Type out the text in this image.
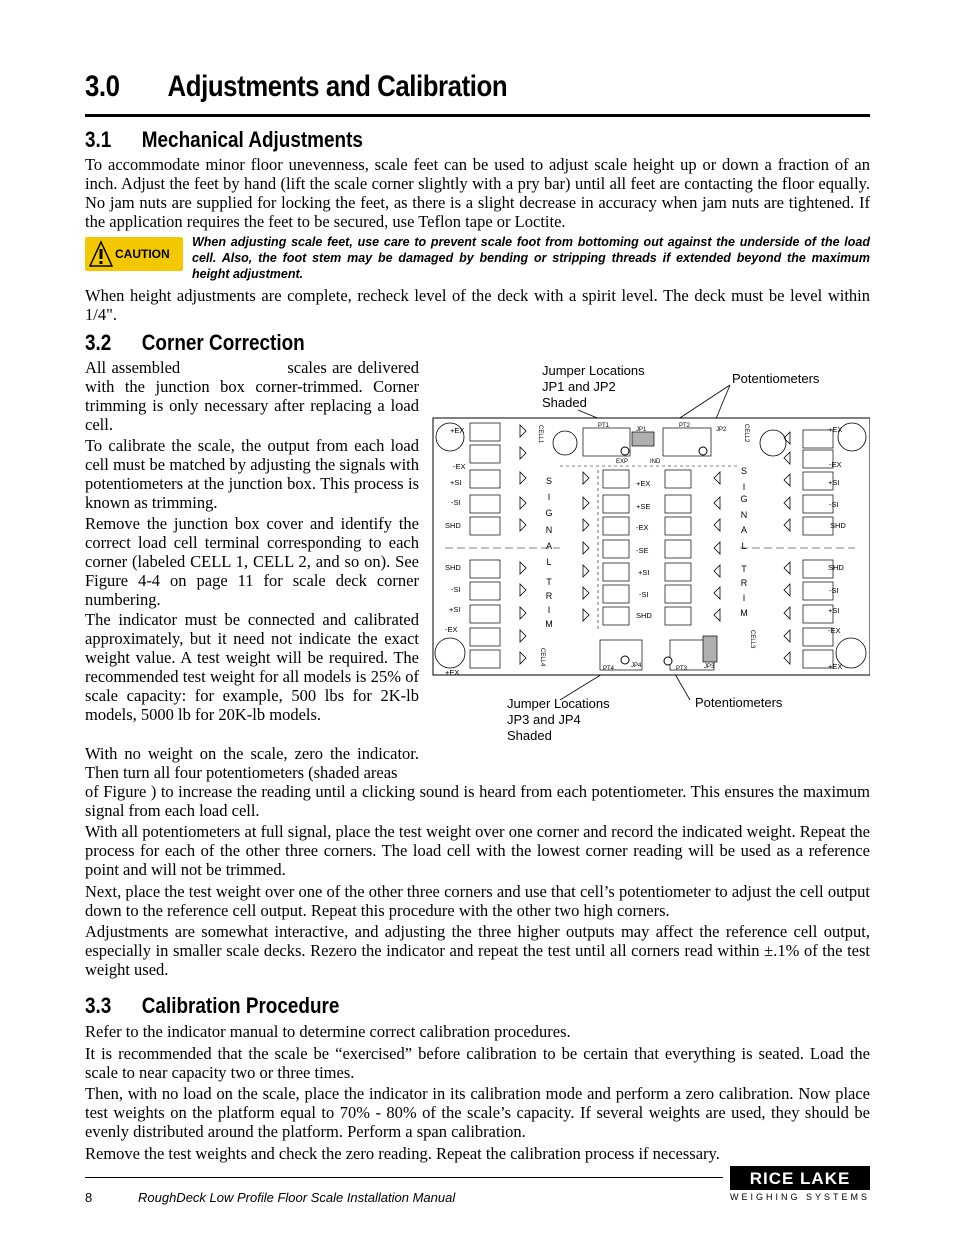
3.0 Adjustments and Calibration
3.1 Mechanical Adjustments
To accommodate minor floor unevenness, scale feet can be used to adjust scale height up or down a fraction of an inch. Adjust the feet by hand (lift the scale corner slightly with a pry bar) until all feet are contacting the floor equally. No jam nuts are supplied for locking the feet, as there is a slight decrease in accuracy when jam nuts are tightened. If the application requires the feet to be secured, use Teflon tape or Loctite.
CAUTION
When adjusting scale feet, use care to prevent scale foot from bottoming out against the underside of the load cell. Also, the foot stem may be damaged by bending or stripping threads if extended beyond the maximum height adjustment.
When height adjustments are complete, recheck level of the deck with a spirit level. The deck must be level within 1/4".
3.2 Corner Correction
All assembled                    scales are delivered with the junction box corner-trimmed. Corner trimming is only necessary after replacing a load cell.
To calibrate the scale, the output from each load cell must be matched by adjusting the signals with potentiometers at the junction box. This process is known as trimming.
Remove the junction box cover and identify the correct load cell terminal corresponding to each corner (labeled CELL 1, CELL 2, and so on). See Figure 4-4 on page 11 for scale deck corner numbering.
The indicator must be connected and calibrated approximately, but it need not indicate the exact weight value. A test weight will be required. The recommended test weight for all models is 25% of scale capacity: for example, 500 lbs for 2K-lb models, 5000 lb for 20K-lb models.
With no weight on the scale, zero the indicator. Then turn all four potentiometers (shaded areas
of Figure ) to increase the reading until a clicking sound is heard from each potentiometer. This ensures the maximum signal from each load cell.
With all potentiometers at full signal, place the test weight over one corner and record the indicated weight. Repeat the process for each of the other three corners. The load cell with the lowest corner reading will be used as a reference point and will not be trimmed.
Next, place the test weight over one of the other three corners and use that cell’s potentiometer to adjust the cell output down to the reference cell output. Repeat this procedure with the other two high corners.
Adjustments are somewhat interactive, and adjusting the three higher outputs may affect the reference cell output, especially in smaller scale decks. Rezero the indicator and repeat the test until all corners read within ±.1% of the test weight used.
Jumper Locations
JP1 and JP2
Shaded
Potentiometers
Jumper Locations
JP3 and JP4
Shaded
Potentiometers
+EX
-EX
+SI
-SI
SHD
SHD
-SI
+SI
-EX
+EX
+EX
-EX
+SI
-SI
SHD
SHD
-SI
+SI
-EX
+EX
+EX
+SE
-EX
-SE
+SI
-SI
SHD
PT1	PT2
PT4	PT3
JP1	JP2
JP4	JP3
EXP	IND
CELL1	CELL2
CELL3
CELL4
S
I
G
N
A
L
T
R
I
M
S
I
G
N
A
L
T
R
I
M
3.3 Calibration Procedure
Refer to the indicator manual to determine correct calibration procedures.
It is recommended that the scale be “exercised” before calibration to be certain that everything is seated. Load the scale to near capacity two or three times.
Then, with no load on the scale, place the indicator in its calibration mode and perform a zero calibration. Now place test weights on the platform equal to 70% - 80% of the scale’s capacity. If several weights are used, they should be evenly distributed around the platform. Perform a span calibration.
Remove the test weights and check the zero reading. Repeat the calibration process if necessary.
8	RoughDeck Low Profile Floor Scale Installation Manual
RICE LAKE
WEIGHING SYSTEMS
